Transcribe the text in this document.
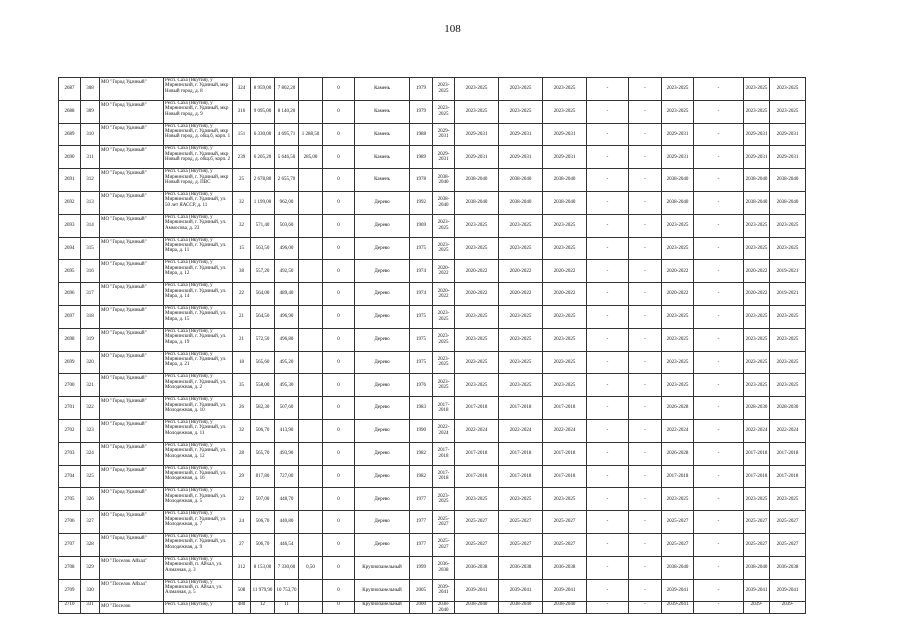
108
2687	308	МО "Город Удачный"	Респ. Саха (Якутия), у Мирнинский, г. Удачный, мкр Новый город, д. 8	324	8 959,00	7 802,20		0	Камень	1979	2023-2025	2023-2025	2023-2025	2023-2025	-	-	2023-2025	-	2023-2025	2023-2025
2688	309	МО "Город Удачный"	Респ. Саха (Якутия), у Мирнинский, г. Удачный, мкр Новый город, д. 9	316	9 095,00	8 140,20		0	Камень	1979	2023-2025	2023-2025	2023-2025	2023-2025	-	-	2023-2025	-	2023-2025	2023-2025
2689	310	МО "Город Удачный"	Респ. Саха (Якутия), у Мирнинский, г. Удачный, мкр Новый город, д. общ.б, корп. 1	151	6 330,00	4 695,71	1 288,50	0	Камень	1988	2029-2031	2029-2031	2029-2031	2029-2031	-	-	2029-2031	-	2029-2031	2029-2031
2690	311	МО "Город Удачный"	Респ. Саха (Якутия), у Мирнинский, г. Удачный, мкр Новый город, д. общ.б, корп. 2	239	6 205,20	5 646,50	285,00	0	Камень	1989	2029-2031	2029-2031	2029-2031	2029-2031	-	-	2029-2031	-	2029-2031	2029-2031
2691	312	МО "Город Удачный"	Респ. Саха (Якутия), у Мирнинский, г. Удачный, мкр Новый город, д. ПВС	25	2 678,80	2 655,70		0	Камень	1978	2038-2040	2038-2040	2038-2040	2038-2040	-	-	2038-2040	-	2038-2040	2038-2040
2692	313	МО "Город Удачный"	Респ. Саха (Якутия), у Мирнинский, г. Удачный, ул. 50 лет ЯАССР, д. 11	32	1 199,00	962,00		0	Дерево	1992	2038-2040	2038-2040	2038-2040	2038-2040	-	-	2038-2040	-	2038-2040	2038-2040
2693	314	МО "Город Удачный"	Респ. Саха (Якутия), у Мирнинский, г. Удачный, ул. Аммосова, д. 23	32	571,40	503,60		0	Дерево	1969	2023-2025	2023-2025	2023-2025	2023-2025	-	-	2023-2025	-	2023-2025	2023-2025
2694	315	МО "Город Удачный"	Респ. Саха (Якутия), у Мирнинский, г. Удачный, ул. Мира, д. 11	15	563,50	496,00		0	Дерево	1975	2023-2025	2023-2025	2023-2025	2023-2025	-	-	2023-2025	-	2023-2025	2023-2025
2695	316	МО "Город Удачный"	Респ. Саха (Якутия), у Мирнинский, г. Удачный, ул. Мира, д. 12	38	557,20	492,50		0	Дерево	1974	2020-2022	2020-2022	2020-2022	2020-2022	-	-	2020-2022	-	2020-2022	2019-2021
2696	317	МО "Город Удачный"	Респ. Саха (Якутия), у Мирнинский, г. Удачный, ул. Мира, д. 14	22	564,00	489,40		0	Дерево	1974	2020-2022	2020-2022	2020-2022	2020-2022	-	-	2020-2022	-	2020-2022	2019-2021
2697	318	МО "Город Удачный"	Респ. Саха (Якутия), у Мирнинский, г. Удачный, ул. Мира, д. 15	21	564,50	496,90		0	Дерево	1975	2023-2025	2023-2025	2023-2025	2023-2025	-	-	2023-2025	-	2023-2025	2023-2025
2698	319	МО "Город Удачный"	Респ. Саха (Якутия), у Мирнинский, г. Удачный, ул. Мира, д. 19	21	572,50	496,80		0	Дерево	1975	2023-2025	2023-2025	2023-2025	2023-2025	-	-	2023-2025	-	2023-2025	2023-2025
2699	320	МО "Город Удачный"	Респ. Саха (Якутия), у Мирнинский, г. Удачный, ул. Мира, д. 21	18	565,60	495,20		0	Дерево	1975	2023-2025	2023-2025	2023-2025	2023-2025	-	-	2023-2025	-	2023-2025	2023-2025
2700	321	МО "Город Удачный"	Респ. Саха (Якутия), у Мирнинский, г. Удачный, ул. Молодежная, д. 2	35	558,00	495,30		0	Дерево	1976	2023-2025	2023-2025	2023-2025	2023-2025	-	-	2023-2025	-	2023-2025	2023-2025
2701	322	МО "Город Удачный"	Респ. Саха (Якутия), у Мирнинский, г. Удачный, ул. Молодежная, д. 10	26	582,30	507,60		0	Дерево	1983	2017-2018	2017-2018	2017-2018	2017-2018	-	-	2026-2028	-	2028-2030	2028-2030
2702	323	МО "Город Удачный"	Респ. Саха (Якутия), у Мирнинский, г. Удачный, ул. Молодежная, д. 11	32	506,70	413,90		0	Дерево	1990	2022-2024	2022-2024	2022-2024	2022-2024	-	-	2022-2024	-	2022-2024	2022-2024
2703	324	МО "Город Удачный"	Респ. Саха (Якутия), у Мирнинский, г. Удачный, ул. Молодежная, д. 12	28	565,70	493,90		0	Дерево	1982	2017-2018	2017-2018	2017-2018	2017-2018	-	-	2026-2028	-	2017-2018	2017-2018
2704	325	МО "Город Удачный"	Респ. Саха (Якутия), у Мирнинский, г. Удачный, ул. Молодежная, д. 16	29	817,80	727,00		0	Дерево	1982	2017-2018	2017-2018	2017-2018	2017-2018	-	-	2017-2018	-	2017-2018	2017-2018
2705	326	МО "Город Удачный"	Респ. Саха (Якутия), у Мирнинский, г. Удачный, ул. Молодежная, д. 5	22	507,00	448,70		0	Дерево	1977	2023-2025	2023-2025	2023-2025	2023-2025	-	-	2023-2025	-	2023-2025	2023-2025
2706	327	МО "Город Удачный"	Респ. Саха (Якутия), у Мирнинский, г. Удачный, ул. Молодежная, д. 7	24	506,70	440,80		0	Дерево	1977	2025-2027	2025-2027	2025-2027	2025-2027	-	-	2025-2027	-	2025-2027	2025-2027
2707	328	МО "Город Удачный"	Респ. Саха (Якутия), у Мирнинский, г. Удачный, ул. Молодежная, д. 9	27	506,70	446,54		0	Дерево	1977	2025-2027	2025-2027	2025-2027	2025-2027	-	-	2025-2027	-	2025-2027	2025-2027
2708	329	МО "Поселок Айхал"	Респ. Саха (Якутия), у Мирнинский, п. Айхал, ул. Алмазная, д. 3	312	8 153,00	7 330,60	0,50	0	Крупнопанельный	1999	2036-2038	2036-2038	2036-2038	2036-2038	-	-	2038-2040	-	2038-2040	2036-2038
2709	330	МО "Поселок Айхал"	Респ. Саха (Якутия), у Мирнинский, п. Айхал, ул. Алмазная, д. 5	508	11 979,90	10 753,70		0	Крупнопанельный	2005	2039-2041	2039-2041	2039-2041	2039-2041	-	-	2039-2041	-	2039-2041	2039-2041
2710	331	МО "Поселок	Респ. Саха (Якутия), у	480	12	11		0	Крупнопанельный	2000	2038-2040	2038-2040	2038-2040	2038-2040	-	-	2039-2041	-	2039-	2039-
